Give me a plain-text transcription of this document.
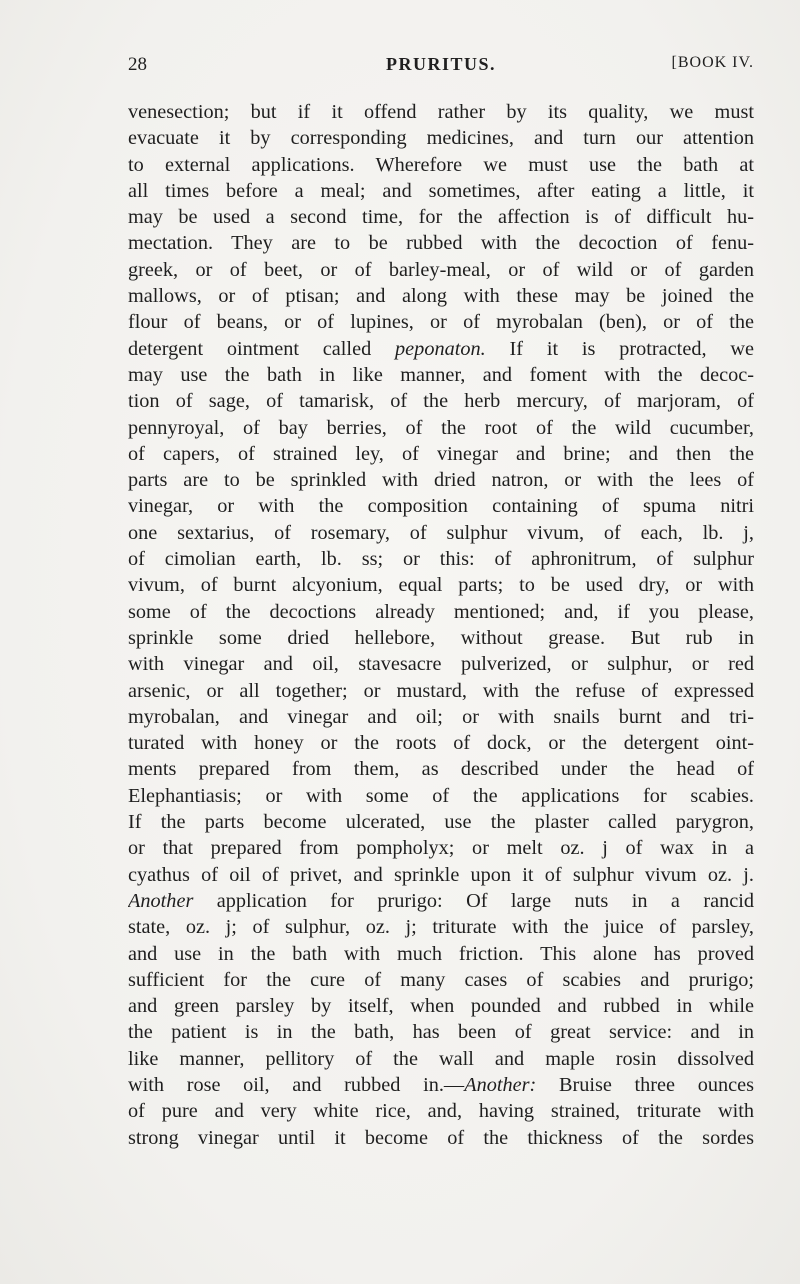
28	PRURITUS.	[BOOK IV.
venesection; but if it offend rather by its quality, we must
evacuate it by corresponding medicines, and turn our attention
to external applications. Wherefore we must use the bath at
all times before a meal; and sometimes, after eating a little, it
may be used a second time, for the affection is of difficult hu-
mectation. They are to be rubbed with the decoction of fenu-
greek, or of beet, or of barley-meal, or of wild or of garden
mallows, or of ptisan; and along with these may be joined the
flour of beans, or of lupines, or of myrobalan (ben), or of the
detergent ointment called peponaton. If it is protracted, we
may use the bath in like manner, and foment with the decoc-
tion of sage, of tamarisk, of the herb mercury, of marjoram, of
pennyroyal, of bay berries, of the root of the wild cucumber,
of capers, of strained ley, of vinegar and brine; and then the
parts are to be sprinkled with dried natron, or with the lees of
vinegar, or with the composition containing of spuma nitri
one sextarius, of rosemary, of sulphur vivum, of each, lb. j,
of cimolian earth, lb. ss; or this: of aphronitrum, of sulphur
vivum, of burnt alcyonium, equal parts; to be used dry, or with
some of the decoctions already mentioned; and, if you please,
sprinkle some dried hellebore, without grease. But rub in
with vinegar and oil, stavesacre pulverized, or sulphur, or red
arsenic, or all together; or mustard, with the refuse of expressed
myrobalan, and vinegar and oil; or with snails burnt and tri-
turated with honey or the roots of dock, or the detergent oint-
ments prepared from them, as described under the head of
Elephantiasis; or with some of the applications for scabies.
If the parts become ulcerated, use the plaster called parygron,
or that prepared from pompholyx; or melt oz. j of wax in a
cyathus of oil of privet, and sprinkle upon it of sulphur vivum oz. j.
Another application for prurigo: Of large nuts in a rancid
state, oz. j; of sulphur, oz. j; triturate with the juice of parsley,
and use in the bath with much friction. This alone has proved
sufficient for the cure of many cases of scabies and prurigo;
and green parsley by itself, when pounded and rubbed in while
the patient is in the bath, has been of great service: and in
like manner, pellitory of the wall and maple rosin dissolved
with rose oil, and rubbed in.—Another: Bruise three ounces
of pure and very white rice, and, having strained, triturate with
strong vinegar until it become of the thickness of the sordes
